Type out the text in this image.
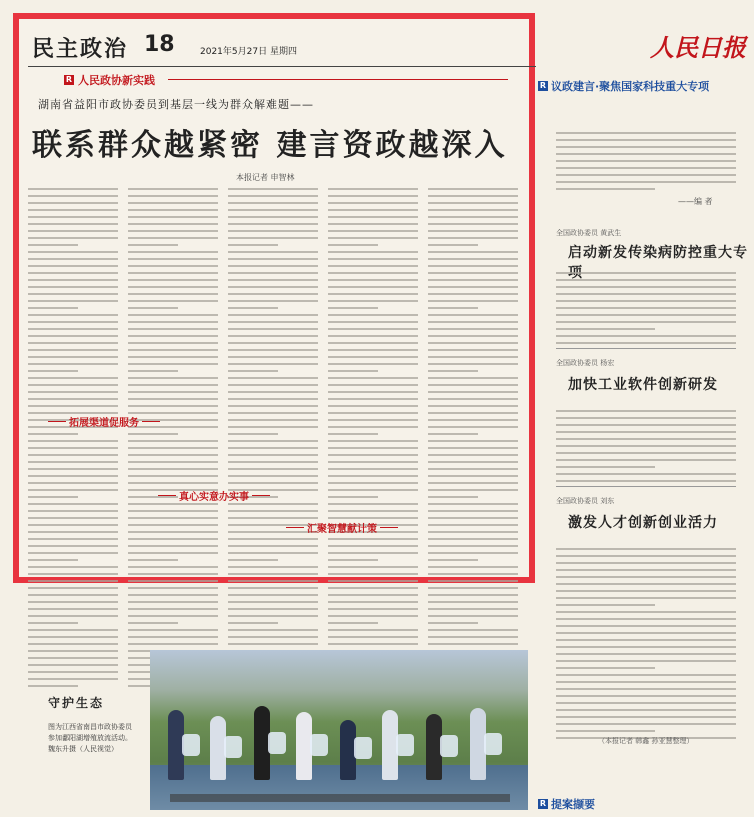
民主政治 18	2021年5月27日 星期四	人民日报
R 人民政协新实践
湖南省益阳市政协委员到基层一线为群众解难题——
联系群众越紧密 建言资政越深入
本报记者 申智林
拓展渠道促服务
真心实意办实事
汇聚智慧献计策
R 议政建言·聚焦国家科技重大专项
——编 者
全国政协委员 黄武生
启动新发传染病防控重大专项
全国政协委员 杨宏
加快工业软件创新研发
全国政协委员 刘东
激发人才创新创业活力
（本报记者 韩鑫 孙亚慧整理）
R 提案撷要
守护生态
图为江西省南昌市政协委员参加鄱阳湖增殖放流活动。魏东升摄（人民视觉）
